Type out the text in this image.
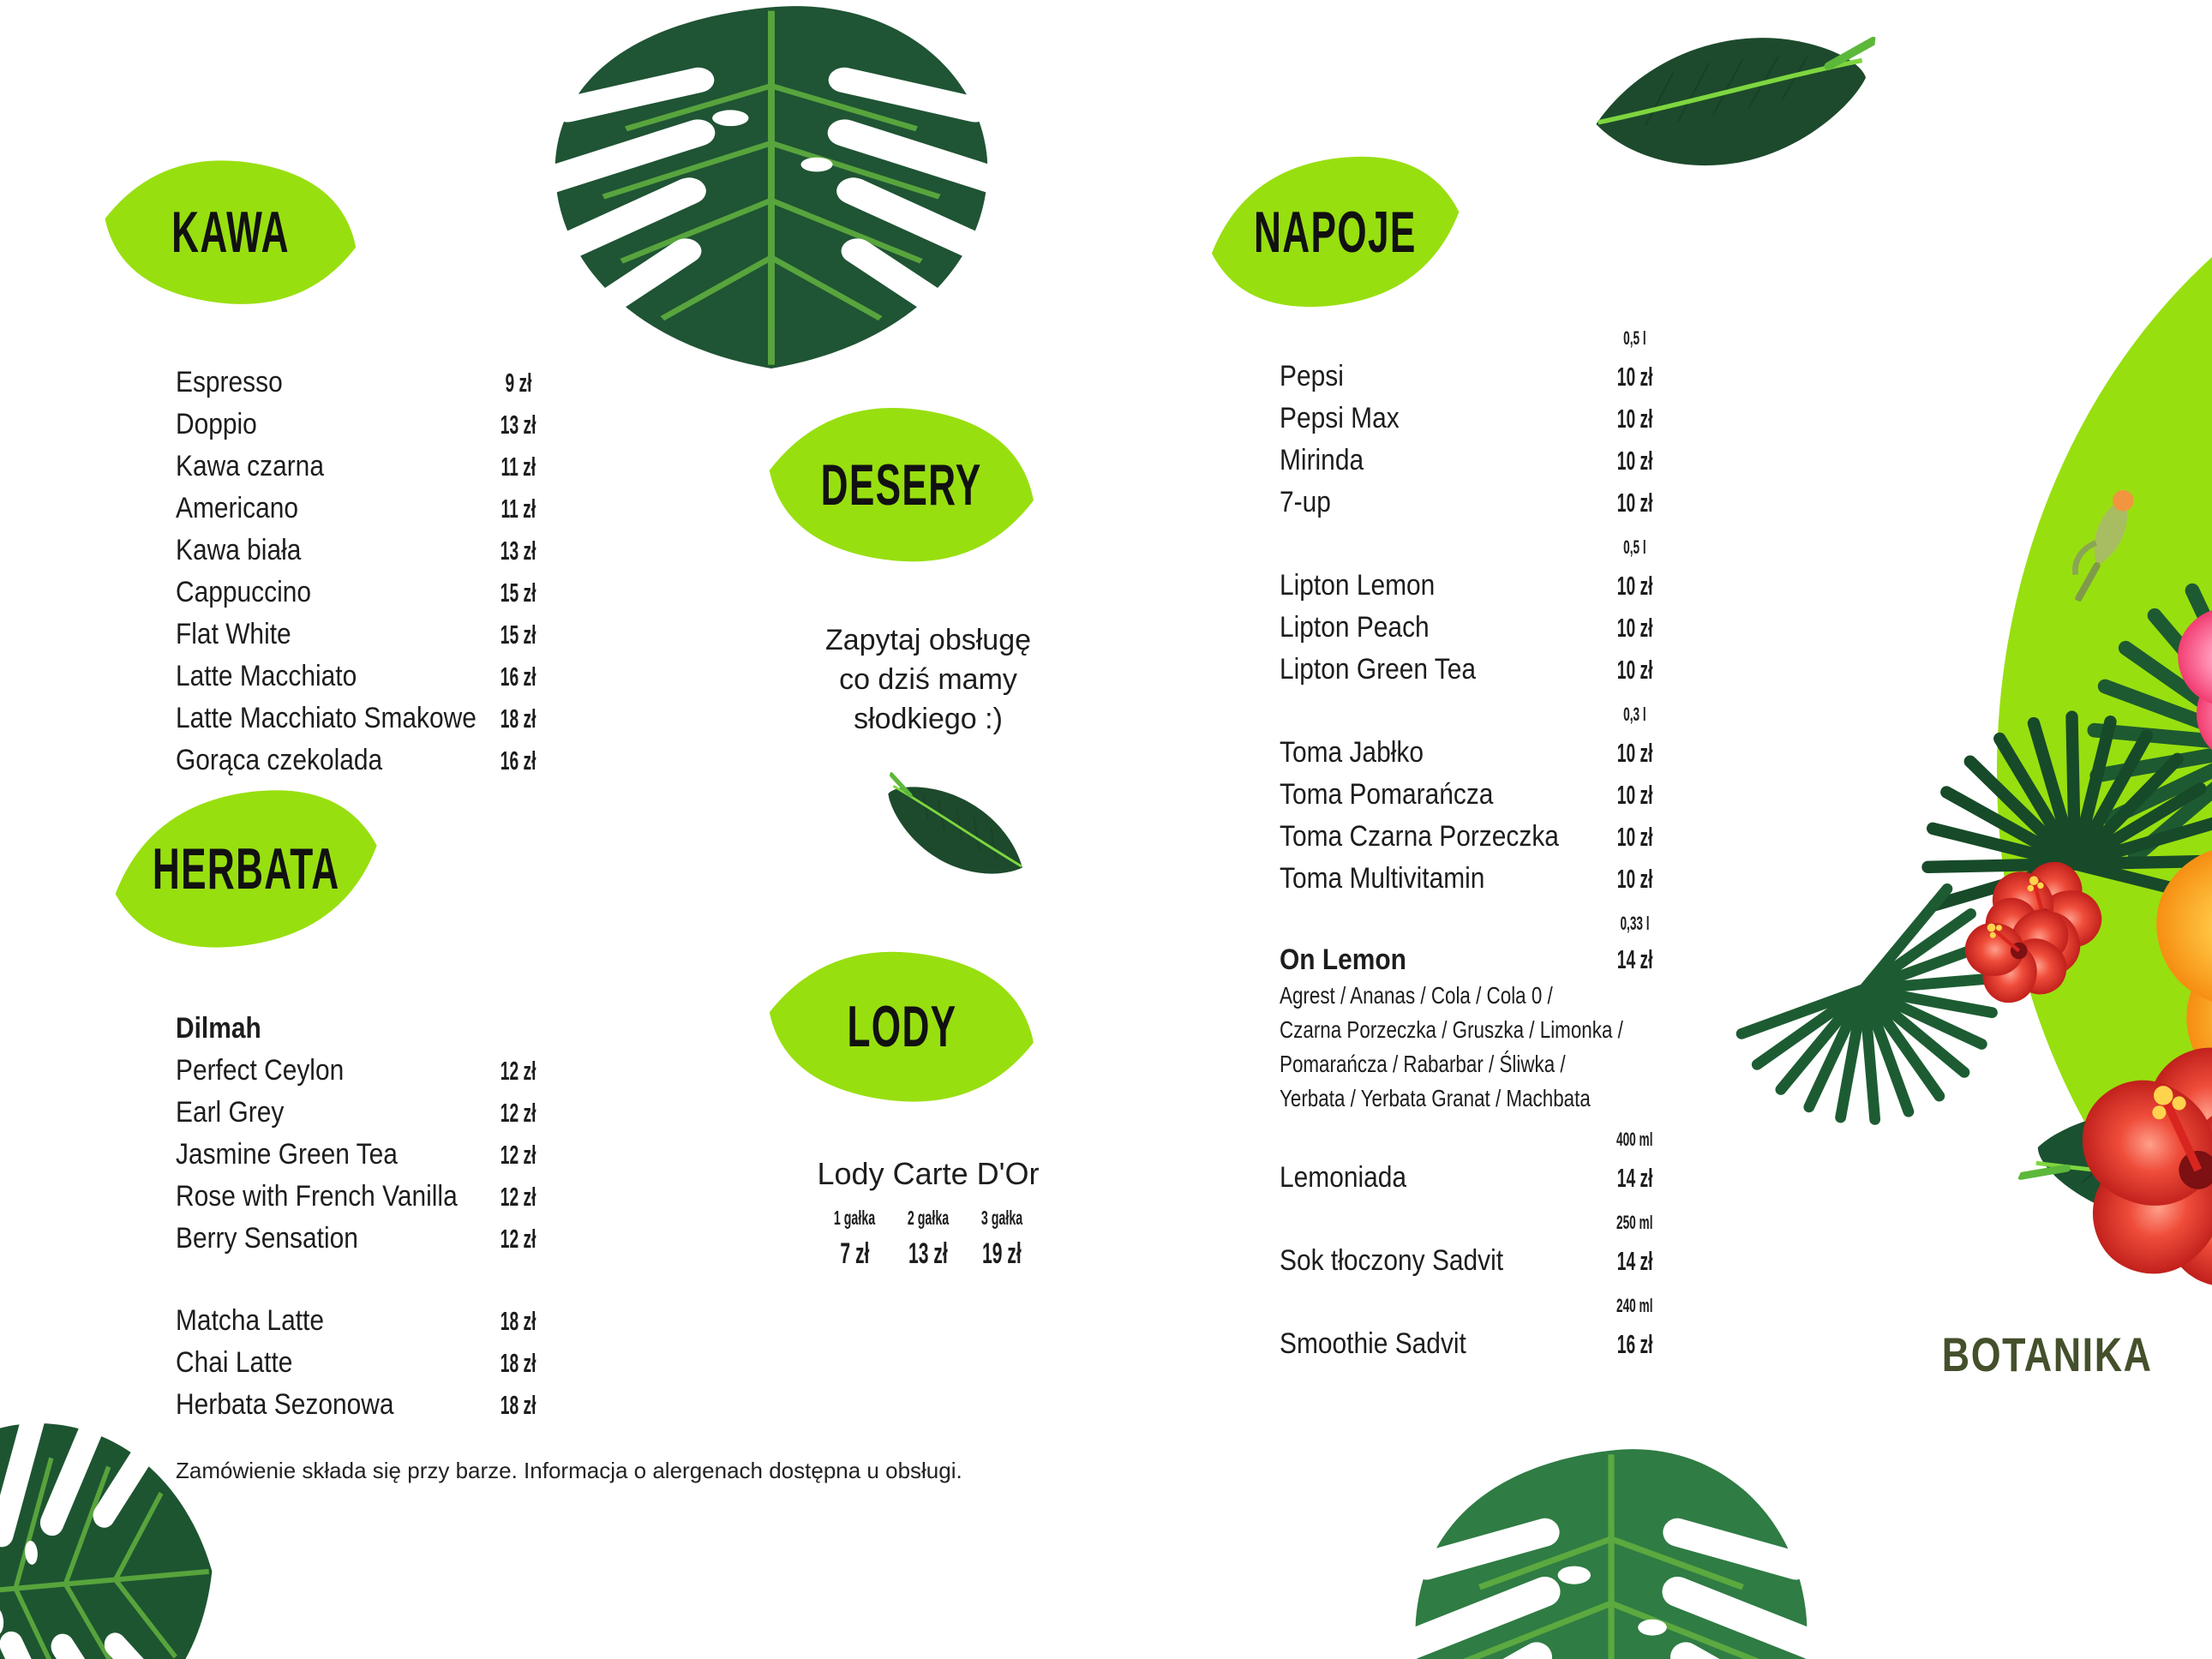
KAWA
HERBATA
DESERY
LODY
NAPOJE
Espresso	9 zł
Doppio	13 zł
Kawa czarna	11 zł
Americano	11 zł
Kawa biała	13 zł
Cappuccino	15 zł
Flat White	15 zł
Latte Macchiato	16 zł
Latte Macchiato Smakowe 18 zł
Gorąca czekolada	16 zł
Dilmah
Perfect Ceylon	12 zł
Earl Grey	12 zł
Jasmine Green Tea	12 zł
Rose with French Vanilla 12 zł
Berry Sensation	12 zł
Matcha Latte	18 zł
Chai Latte	18 zł
Herbata Sezonowa	18 zł
0,5 l
Pepsi	10 zł
Pepsi Max	10 zł
Mirinda	10 zł
7-up	10 zł
0,5 l
Lipton Lemon	10 zł
Lipton Peach	10 zł
Lipton Green Tea	10 zł
0,3 l
Toma Jabłko	10 zł
Toma Pomarańcza	10 zł
Toma Czarna Porzeczka 10 zł
Toma Multivitamin	10 zł
0,33 l
On Lemon	14 zł
Agrest / Ananas / Cola / Cola 0 /
Czarna Porzeczka / Gruszka / Limonka /
Pomarańcza / Rabarbar / Śliwka /
Yerbata / Yerbata Granat / Machbata
400 ml
Lemoniada	14 zł
250 ml
Sok tłoczony Sadvit	14 zł
240 ml
Smoothie Sadvit	16 zł
Zapytaj obsługę
co dziś mamy
słodkiego :)
Lody Carte D'Or
1 gałka
7 zł
2 gałka
13 zł
3 gałka
19 zł
Zamówienie składa się przy barze. Informacja o alergenach dostępna u obsługi.
BOTANIKA
